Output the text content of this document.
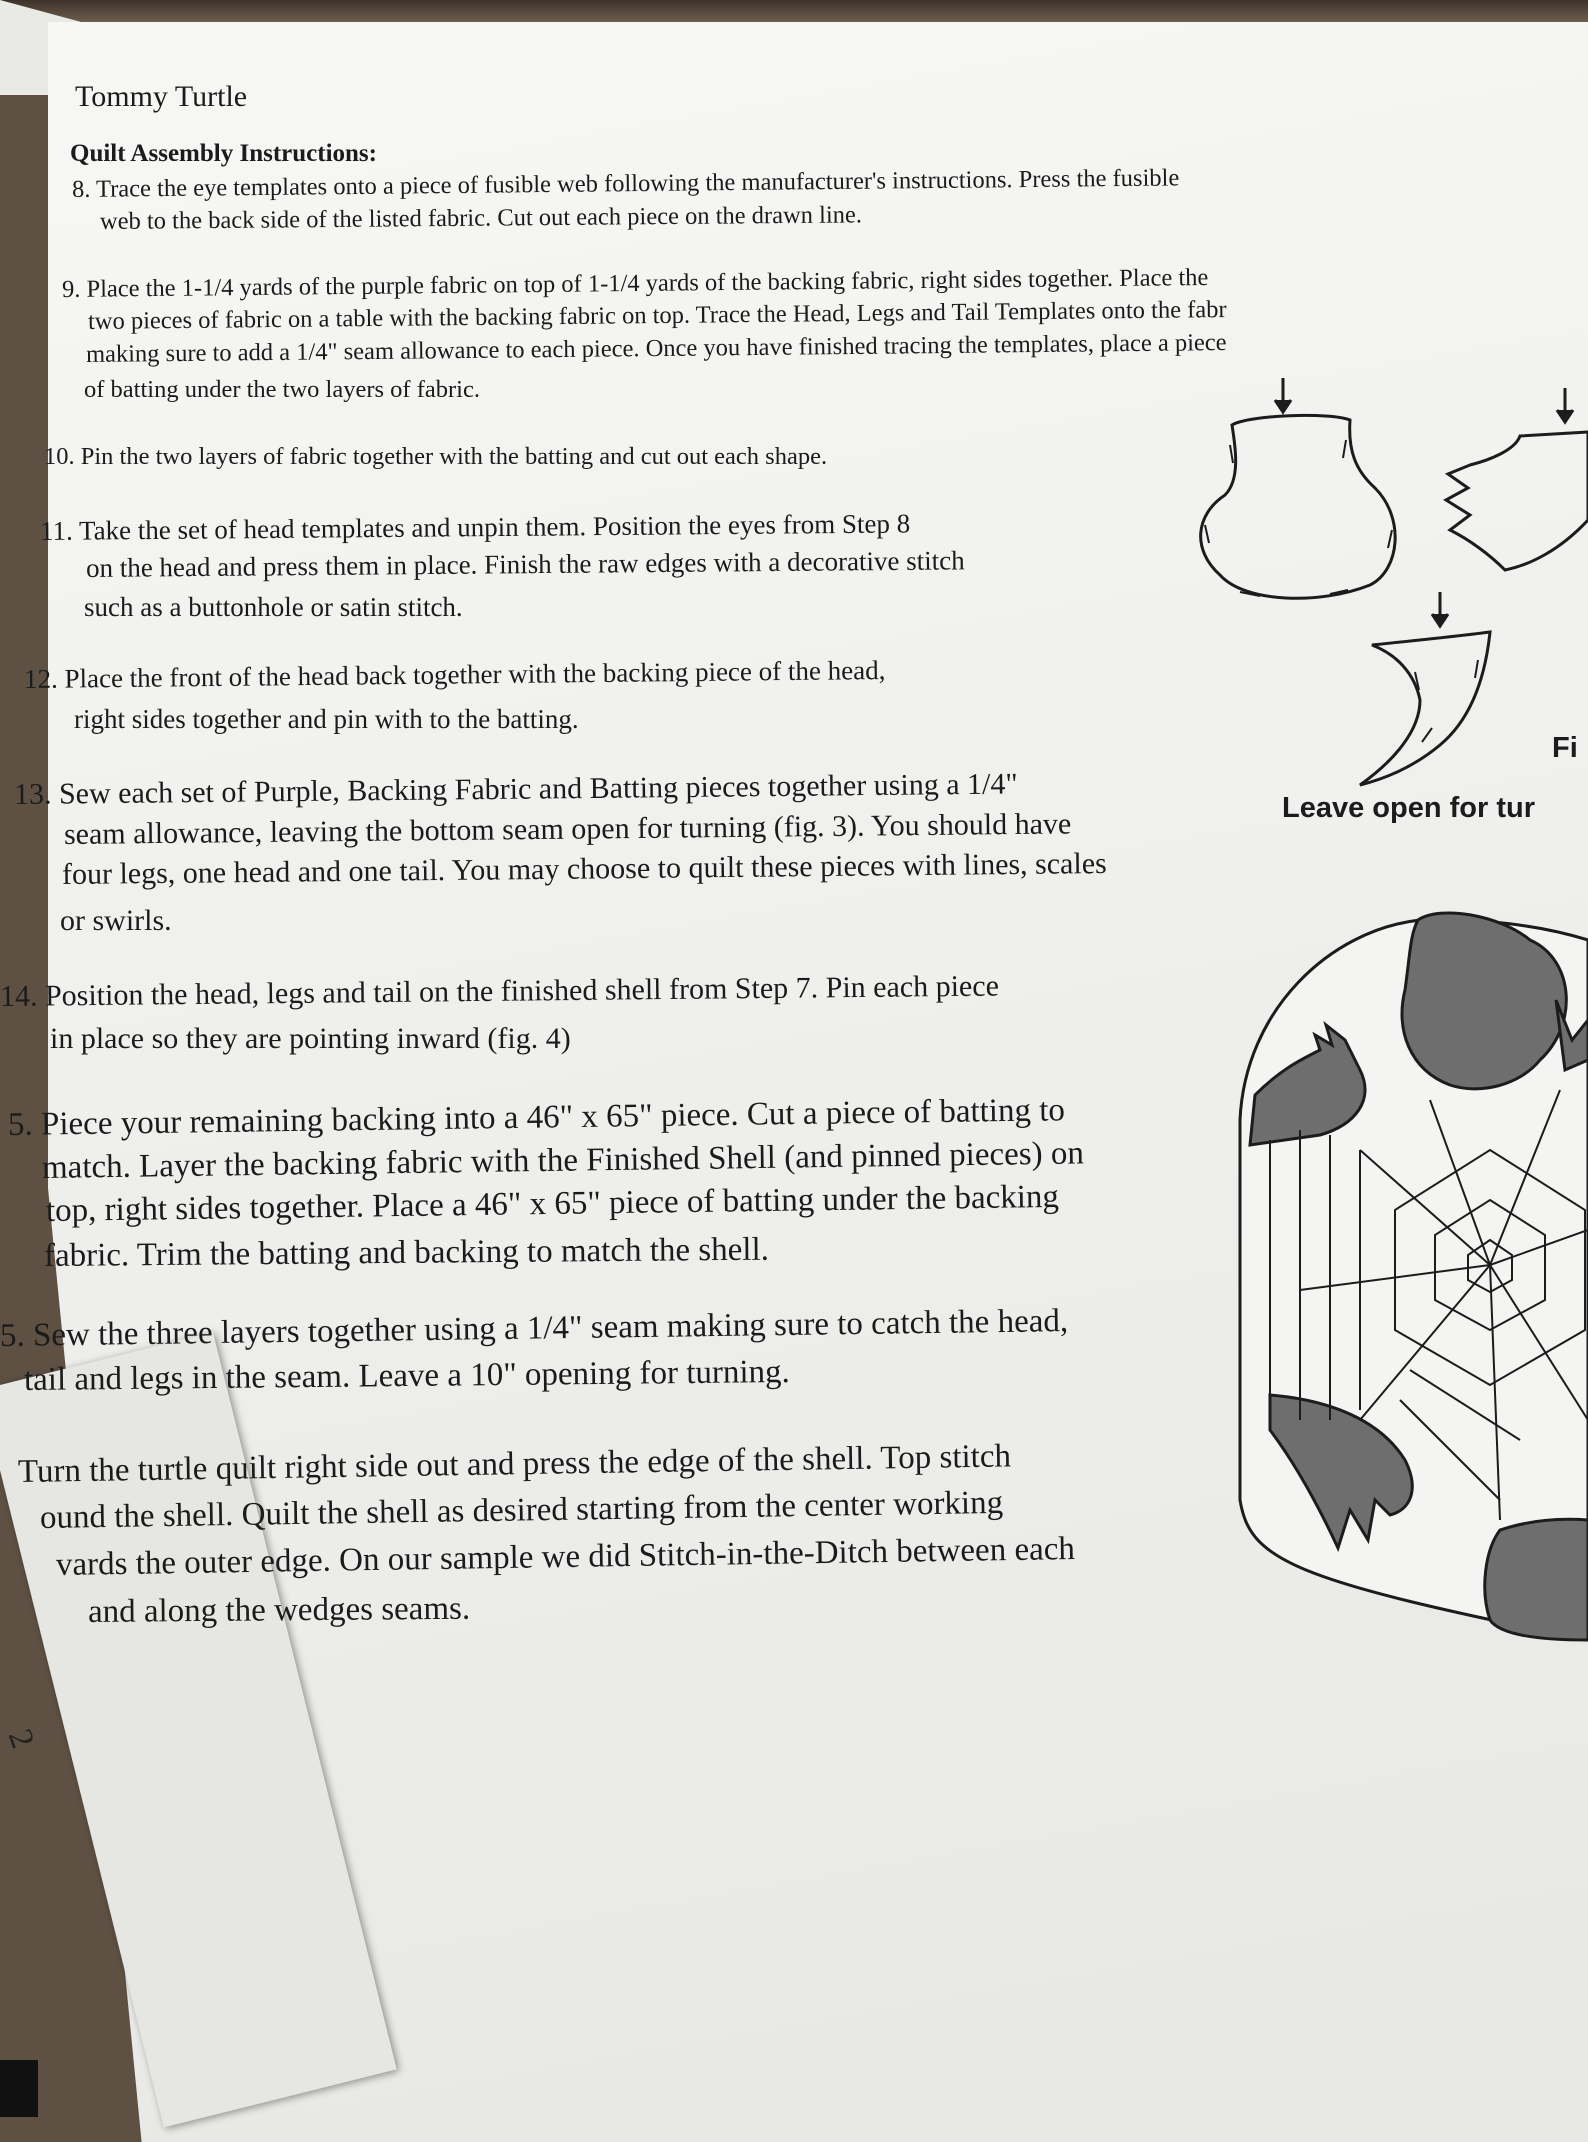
2
Tommy Turtle
Quilt Assembly Instructions:
8. Trace the eye templates onto a piece of fusible web following the manufacturer's instructions. Press the fusible
web to the back side of the listed fabric. Cut out each piece on the drawn line.
9. Place the 1-1/4 yards of the purple fabric on top of 1-1/4 yards of the backing fabric, right sides together. Place the
two pieces of fabric on a table with the backing fabric on top. Trace the Head, Legs and Tail Templates onto the fabr
making sure to add a 1/4" seam allowance to each piece. Once you have finished tracing the templates, place a piece
of batting under the two layers of fabric.
10. Pin the two layers of fabric together with the batting and cut out each shape.
11. Take the set of head templates and unpin them. Position the eyes from Step 8
on the head and press them in place. Finish the raw edges with a decorative stitch
such as a buttonhole or satin stitch.
12. Place the front of the head back together with the backing piece of the head,
right sides together and pin with to the batting.
13. Sew each set of Purple, Backing Fabric and Batting pieces together using a 1/4"
seam allowance, leaving the bottom seam open for turning (fig. 3). You should have
four legs, one head and one tail. You may choose to quilt these pieces with lines, scales
or swirls.
14. Position the head, legs and tail on the finished shell from Step 7. Pin each piece
in place so they are pointing inward (fig. 4)
5. Piece your remaining backing into a 46" x 65" piece. Cut a piece of batting to
match. Layer the backing fabric with the Finished Shell (and pinned pieces) on
top, right sides together. Place a 46" x 65" piece of batting under the backing
fabric. Trim the batting and backing to match the shell.
5. Sew the three layers together using a 1/4" seam making sure to catch the head,
tail and legs in the seam. Leave a 10" opening for turning.
Turn the turtle quilt right side out and press the edge of the shell. Top stitch
ound the shell. Quilt the shell as desired starting from the center working
vards the outer edge. On our sample we did Stitch-in-the-Ditch between each
and along the wedges seams.
Leave open for tur
Fi
